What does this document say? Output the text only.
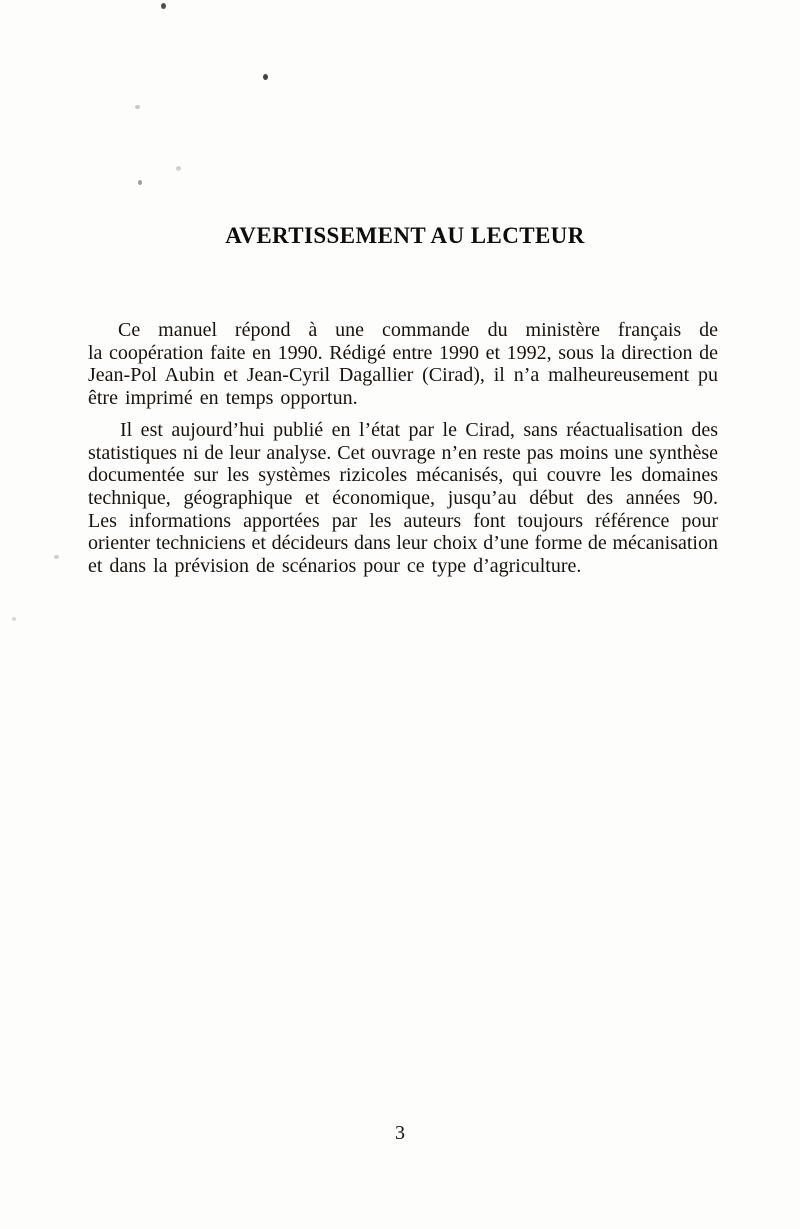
AVERTISSEMENT AU LECTEUR
Ce manuel répond à une commande du ministère français de
la coopération faite en 1990. Rédigé entre 1990 et 1992, sous la direction de
Jean-Pol Aubin et Jean-Cyril Dagallier (Cirad), il n’a malheureusement pu
être imprimé en temps opportun.
Il est aujourd’hui publié en l’état par le Cirad, sans réactualisation des
statistiques ni de leur analyse. Cet ouvrage n’en reste pas moins une synthèse
documentée sur les systèmes rizicoles mécanisés, qui couvre les domaines
technique, géographique et économique, jusqu’au début des années 90.
Les informations apportées par les auteurs font toujours référence pour
orienter techniciens et décideurs dans leur choix d’une forme de mécanisation
et dans la prévision de scénarios pour ce type d’agriculture.
3
